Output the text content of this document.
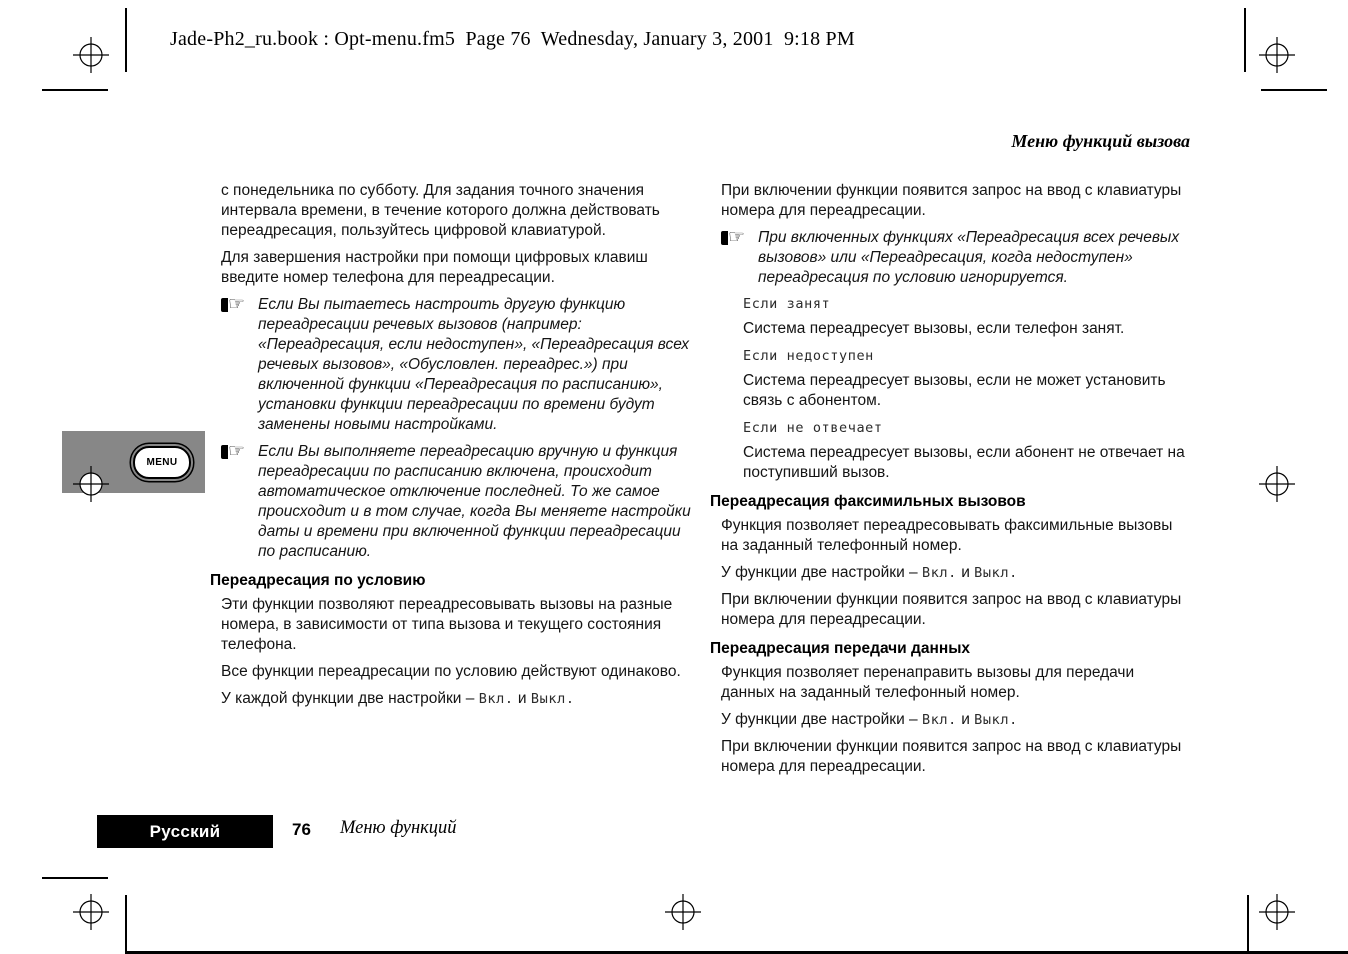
MENU
Jade-Ph2_ru.book : Opt-menu.fm5  Page 76  Wednesday, January 3, 2001  9:18 PM
Меню функций вызова

с понедельника по субботу. Для задания точного значения интервала времени, в течение которого должна действовать переадресация, пользуйтесь цифровой клавиатурой.

Для завершения настройки при помощи цифровых клавиш введите номер телефона для переадресации.

☞ Если Вы пытаетесь настроить другую функцию переадресации речевых вызовов (например: «Переадресация, если недоступен», «Переадресация всех речевых вызовов», «Обусловлен. переадрес.») при включенной функции «Переадресация по расписанию», установки функции переадресации по времени будут заменены новыми настройками.
☞ Если Вы выполняете переадресацию вручную и функция переадресации по расписанию включена, происходит автоматическое отключение последней. То же самое происходит и в том случае, когда Вы меняете настройки даты и времени при включенной функции переадресации по расписанию.
Переадресация по условию

Эти функции позволяют переадресовывать вызовы на разные номера, в зависимости от типа вызова и текущего состояния телефона.

Все функции переадресации по условию действуют одинаково.

У каждой функции две настройки – Вкл. и Выкл.

При включении функции появится запрос на ввод с клавиатуры номера для переадресации.

☞ При включенных функциях «Переадресация всех речевых вызовов» или «Переадресация, когда недоступен» переадресация по условию игнорируется.

Если занят

Система переадресует вызовы, если телефон занят.

Если недоступен

Система переадресует вызовы, если не может установить связь с абонентом.

Если не отвечает

Система переадресует вызовы, если абонент не отвечает на поступивший вызов.

Переадресация факсимильных вызовов

Функция позволяет переадресовывать факсимильные вызовы на заданный телефонный номер.

У функции две настройки – Вкл. и Выкл.

При включении функции появится запрос на ввод с клавиатуры номера для переадресации.

Переадресация передачи данных

Функция позволяет перенаправить вызовы для передачи данных на заданный телефонный номер.

У функции две настройки – Вкл. и Выкл.

При включении функции появится запрос на ввод с клавиатуры номера для переадресации.

Русский	76 Меню функций
